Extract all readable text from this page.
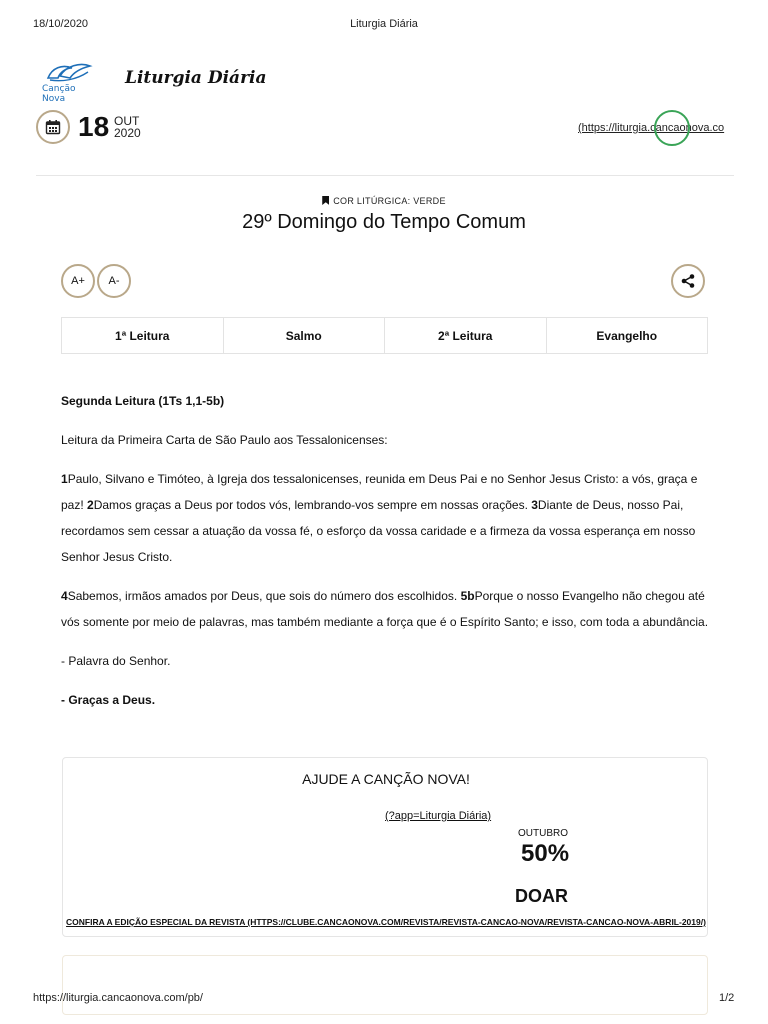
18/10/2020	Liturgia Diária
Canção Nova
Liturgia Diária
18 OUT
2020	(https://liturgia.cancaonova.co
COR LITÚRGICA: VERDE
29º Domingo do Tempo Comum
A+	A-
1ª Leitura	Salmo	2ª Leitura	Evangelho

Segunda Leitura (1Ts 1,1-5b)

Leitura da Primeira Carta de São Paulo aos Tessalonicenses:

1Paulo, Silvano e Timóteo, à Igreja dos tessalonicenses, reunida em Deus Pai e no Senhor Jesus Cristo: a vós, graça e paz! 2Damos graças a Deus por todos vós, lembrando-vos sempre em nossas orações. 3Diante de Deus, nosso Pai, recordamos sem cessar a atuação da vossa fé, o esforço da vossa caridade e a firmeza da vossa esperança em nosso Senhor Jesus Cristo.

4Sabemos, irmãos amados por Deus, que sois do número dos escolhidos. 5bPorque o nosso Evangelho não chegou até vós somente por meio de palavras, mas também mediante a força que é o Espírito Santo; e isso, com toda a abundância.

- Palavra do Senhor.

- Graças a Deus.

AJUDE A CANÇÃO NOVA!
(?app=Liturgia Diária)
OUTUBRO
50%
DOAR
CONFIRA A EDIÇÃO ESPECIAL DA REVISTA (HTTPS://CLUBE.CANCAONOVA.COM/REVISTA/REVISTA-CANCAO-NOVA/REVISTA-CANCAO-NOVA-ABRIL-2019/)
https://liturgia.cancaonova.com/pb/	1/2
